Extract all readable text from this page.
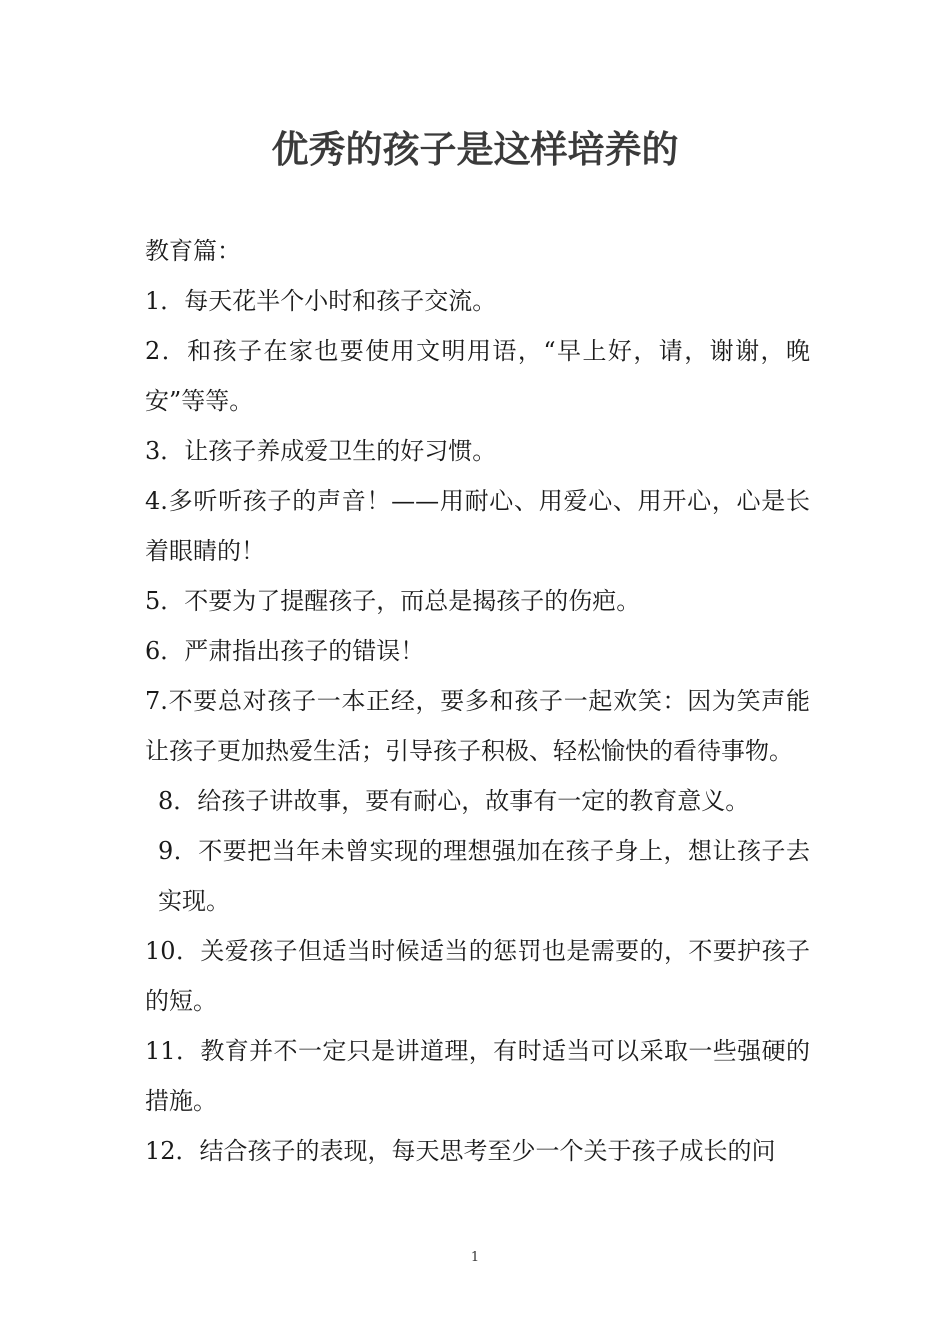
优秀的孩子是这样培养的

教育篇：

1．每天花半个小时和孩子交流。

2．和孩子在家也要使用文明用语，“早上好，请，谢谢，晚安”等等。

3．让孩子养成爱卫生的好习惯。

4.多听听孩子的声音！——用耐心、用爱心、用开心，心是长着眼睛的！

5．不要为了提醒孩子，而总是揭孩子的伤疤。

6．严肃指出孩子的错误！

7.不要总对孩子一本正经，要多和孩子一起欢笑：因为笑声能让孩子更加热爱生活；引导孩子积极、轻松愉快的看待事物。

8．给孩子讲故事，要有耐心，故事有一定的教育意义。

9．不要把当年未曾实现的理想强加在孩子身上，想让孩子去实现。

10．关爱孩子但适当时候适当的惩罚也是需要的，不要护孩子的短。

11．教育并不一定只是讲道理，有时适当可以采取一些强硬的措施。

12．结合孩子的表现，每天思考至少一个关于孩子成长的问

1
